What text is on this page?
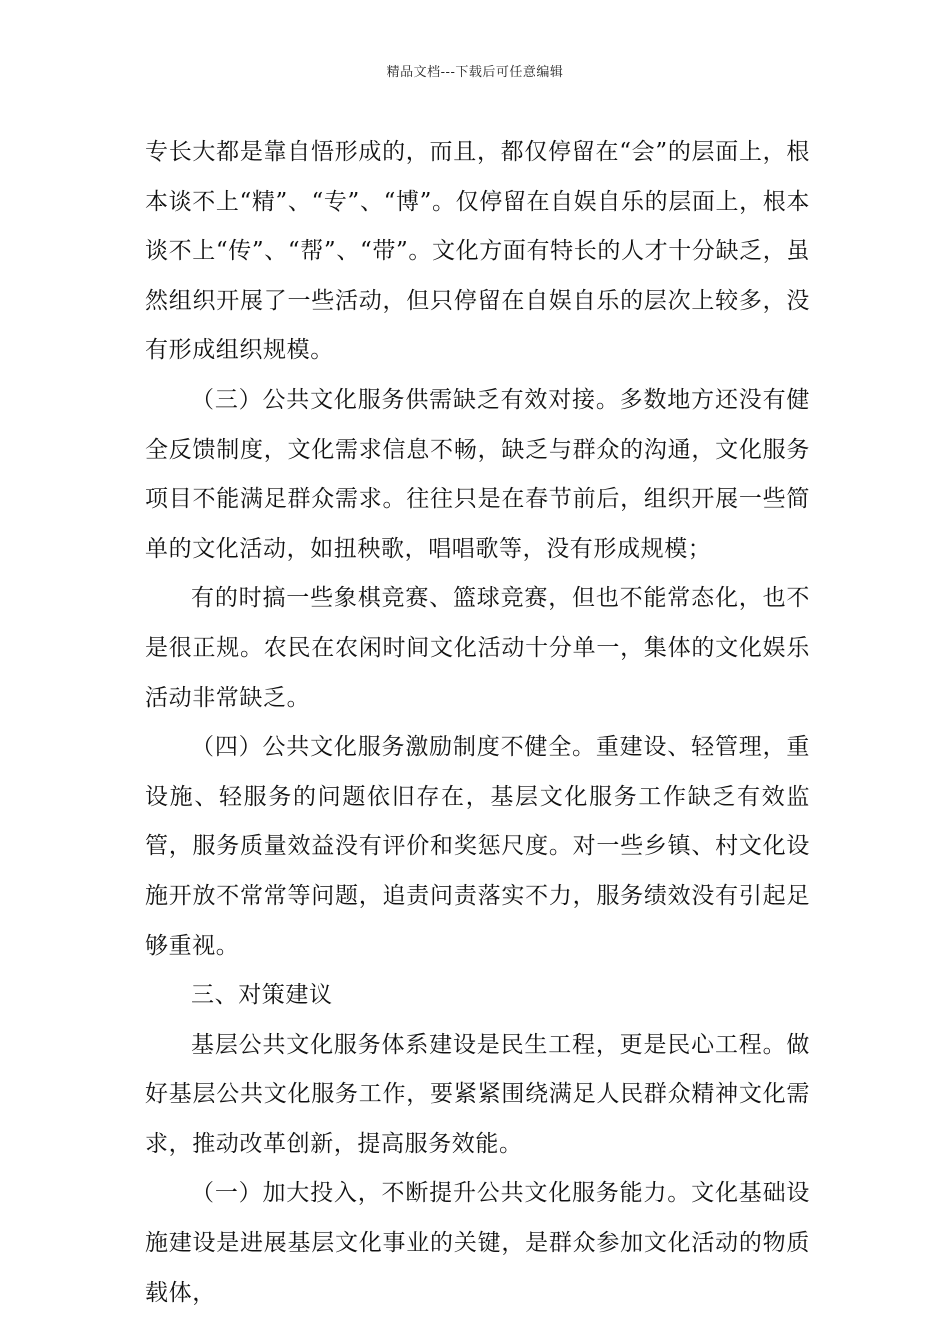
精品文档---下载后可任意编辑

专长大都是靠自悟形成的，而且，都仅停留在“会”的层面上，根本谈不上“精”、“专”、“博”。仅停留在自娱自乐的层面上，根本谈不上“传”、“帮”、“带”。文化方面有特长的人才十分缺乏，虽然组织开展了一些活动，但只停留在自娱自乐的层次上较多，没有形成组织规模。

（三）公共文化服务供需缺乏有效对接。多数地方还没有健全反馈制度，文化需求信息不畅，缺乏与群众的沟通，文化服务项目不能满足群众需求。往往只是在春节前后，组织开展一些简单的文化活动，如扭秧歌，唱唱歌等，没有形成规模；

有的时搞一些象棋竞赛、篮球竞赛，但也不能常态化，也不是很正规。农民在农闲时间文化活动十分单一，集体的文化娱乐活动非常缺乏。

（四）公共文化服务激励制度不健全。重建设、轻管理，重设施、轻服务的问题依旧存在，基层文化服务工作缺乏有效监管，服务质量效益没有评价和奖惩尺度。对一些乡镇、村文化设施开放不常常等问题，追责问责落实不力，服务绩效没有引起足够重视。

三、对策建议

基层公共文化服务体系建设是民生工程，更是民心工程。做好基层公共文化服务工作，要紧紧围绕满足人民群众精神文化需求，推动改革创新，提高服务效能。

（一）加大投入，不断提升公共文化服务能力。文化基础设施建设是进展基层文化事业的关键，是群众参加文化活动的物质载体，
